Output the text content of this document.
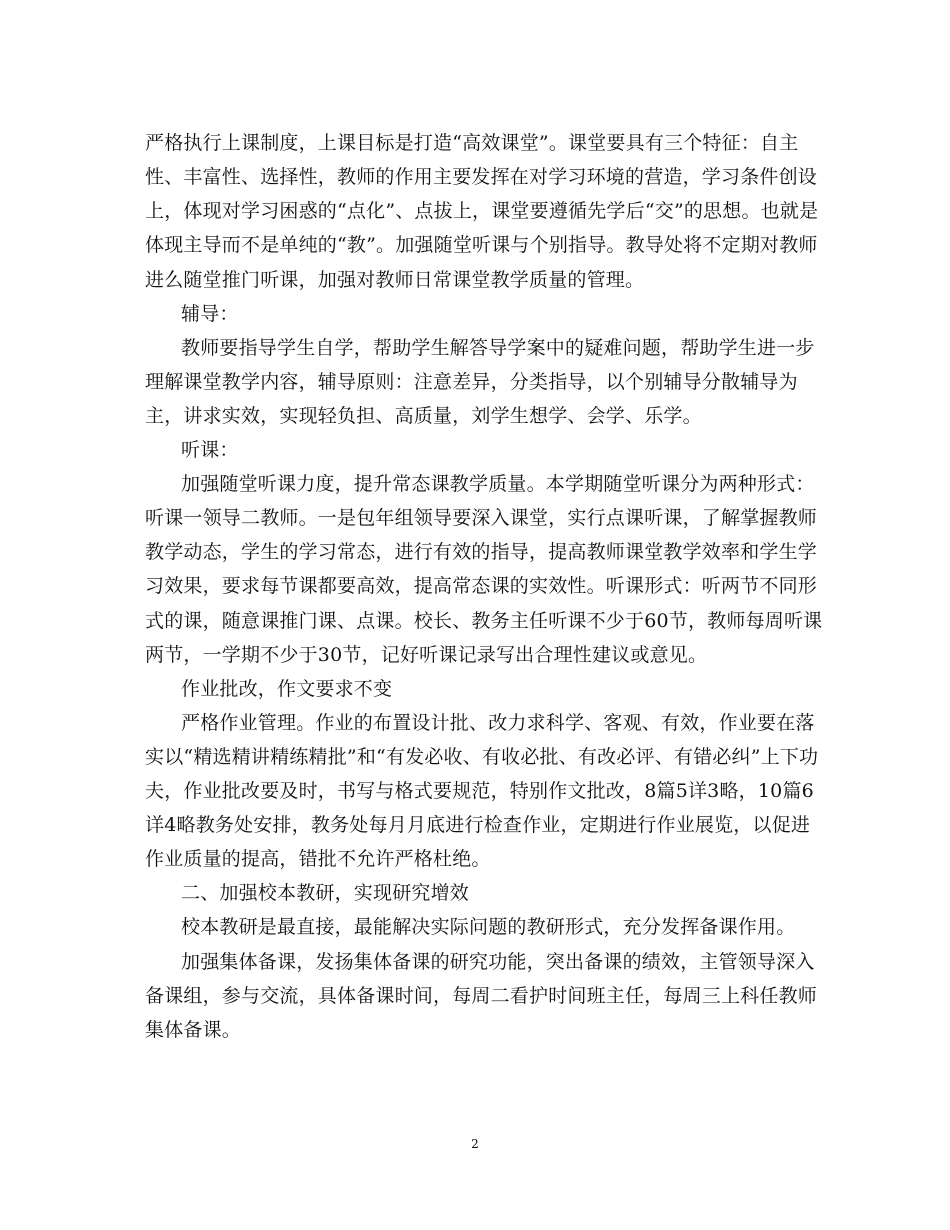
严格执行上课制度，上课目标是打造“高效课堂”。课堂要具有三个特征：自主
性、丰富性、选择性，教师的作用主要发挥在对学习环境的营造，学习条件创设
上，体现对学习困惑的“点化”、点拔上，课堂要遵循先学后“交”的思想。也就是
体现主导而不是单纯的“教”。加强随堂听课与个别指导。教导处将不定期对教师
进么随堂推门听课，加强对教师日常课堂教学质量的管理。
辅导：
教师要指导学生自学，帮助学生解答导学案中的疑难问题，帮助学生进一步
理解课堂教学内容，辅导原则：注意差异，分类指导，以个别辅导分散辅导为
主，讲求实效，实现轻负担、高质量，刘学生想学、会学、乐学。
听课：
加强随堂听课力度，提升常态课教学质量。本学期随堂听课分为两种形式：
听课一领导二教师。一是包年组领导要深入课堂，实行点课听课，了解掌握教师
教学动态，学生的学习常态，进行有效的指导，提高教师课堂教学效率和学生学
习效果，要求每节课都要高效，提高常态课的实效性。听课形式：听两节不同形
式的课，随意课推门课、点课。校长、教务主任听课不少于60节，教师每周听课
两节，一学期不少于30节，记好听课记录写出合理性建议或意见。
作业批改，作文要求不变
严格作业管理。作业的布置设计批、改力求科学、客观、有效，作业要在落
实以“精选精讲精练精批”和“有发必收、有收必批、有改必评、有错必纠”上下功
夫，作业批改要及时，书写与格式要规范，特别作文批改，8篇5详3略，10篇6
详4略教务处安排，教务处每月月底进行检查作业，定期进行作业展览，以促进
作业质量的提高，错批不允许严格杜绝。
二、加强校本教研，实现研究增效
校本教研是最直接，最能解决实际问题的教研形式，充分发挥备课作用。
加强集体备课，发扬集体备课的研究功能，突出备课的绩效，主管领导深入
备课组，参与交流，具体备课时间，每周二看护时间班主任，每周三上科任教师
集体备课。
2
